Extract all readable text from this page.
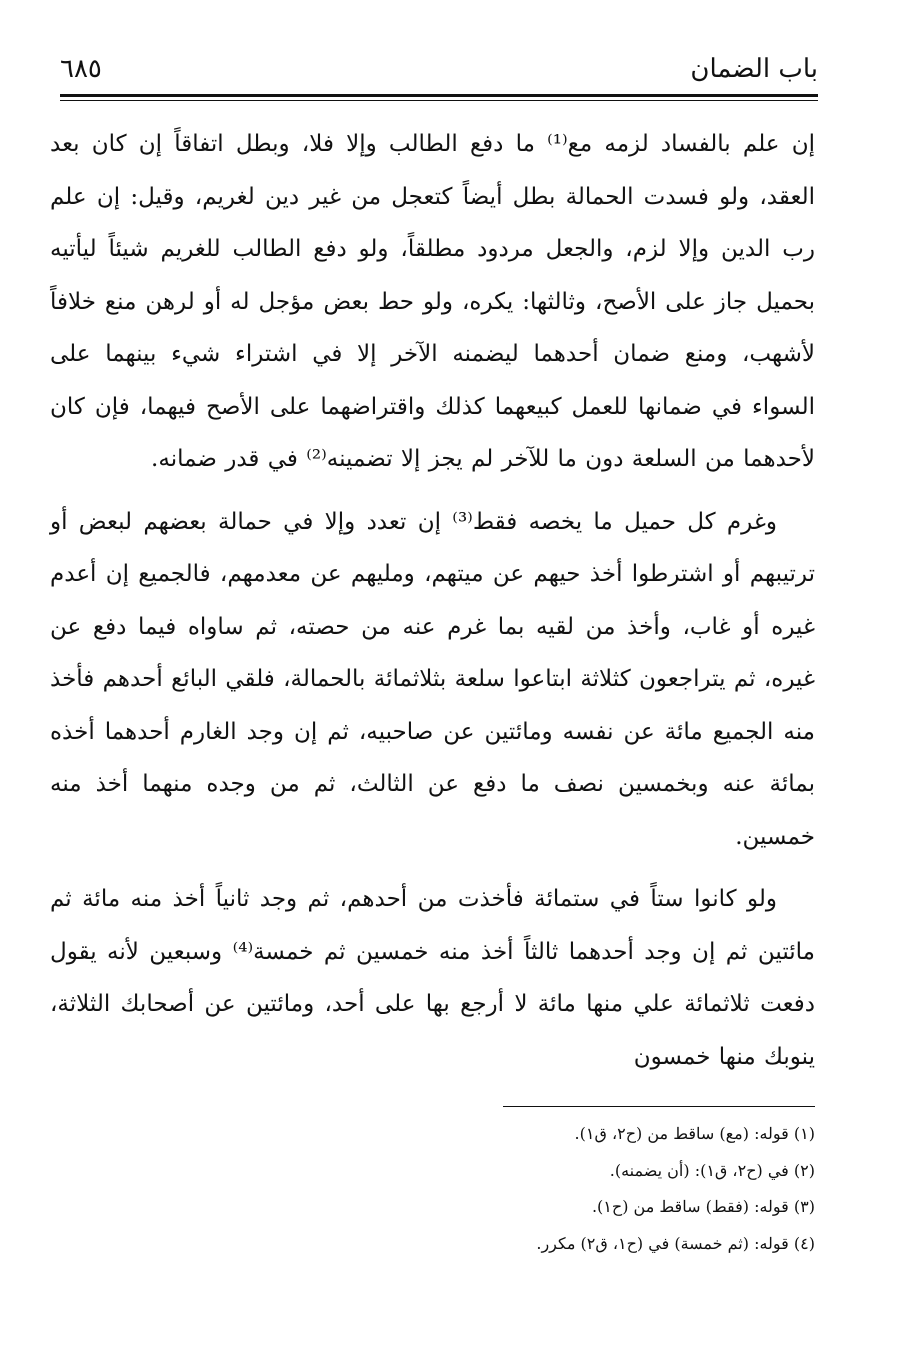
باب الضمان
٦٨٥

إن علم بالفساد لزمه مع⁽¹⁾ ما دفع الطالب وإلا فلا، وبطل اتفاقاً إن كان بعد العقد، ولو فسدت الحمالة بطل أيضاً كتعجل من غير دين لغريم، وقيل: إن علم رب الدين وإلا لزم، والجعل مردود مطلقاً، ولو دفع الطالب للغريم شيئاً ليأتيه بحميل جاز على الأصح، وثالثها: يكره، ولو حط بعض مؤجل له أو لرهن منع خلافاً لأشهب، ومنع ضمان أحدهما ليضمنه الآخر إلا في اشتراء شيء بينهما على السواء في ضمانها للعمل كبيعهما كذلك واقتراضهما على الأصح فيهما، فإن كان لأحدهما من السلعة دون ما للآخر لم يجز إلا تضمينه⁽²⁾ في قدر ضمانه.

وغرم كل حميل ما يخصه فقط⁽³⁾ إن تعدد وإلا في حمالة بعضهم لبعض أو ترتيبهم أو اشترطوا أخذ حيهم عن ميتهم، ومليهم عن معدمهم، فالجميع إن أعدم غيره أو غاب، وأخذ من لقيه بما غرم عنه من حصته، ثم ساواه فيما دفع عن غيره، ثم يتراجعون كثلاثة ابتاعوا سلعة بثلاثمائة بالحمالة، فلقي البائع أحدهم فأخذ منه الجميع مائة عن نفسه ومائتين عن صاحبيه، ثم إن وجد الغارم أحدهما أخذه بمائة عنه وبخمسين نصف ما دفع عن الثالث، ثم من وجده منهما أخذ منه خمسين.

ولو كانوا ستاً في ستمائة فأخذت من أحدهم، ثم وجد ثانياً أخذ منه مائة ثم مائتين ثم إن وجد أحدهما ثالثاً أخذ منه خمسين ثم خمسة⁽⁴⁾ وسبعين لأنه يقول دفعت ثلاثمائة علي منها مائة لا أرجع بها على أحد، ومائتين عن أصحابك الثلاثة، ينوبك منها خمسون

(١) قوله: (مع) ساقط من (ح٢، ق١).

(٢) في (ح٢، ق١): (أن يضمنه).

(٣) قوله: (فقط) ساقط من (ح١).

(٤) قوله: (ثم خمسة) في (ح١، ق٢) مكرر.
